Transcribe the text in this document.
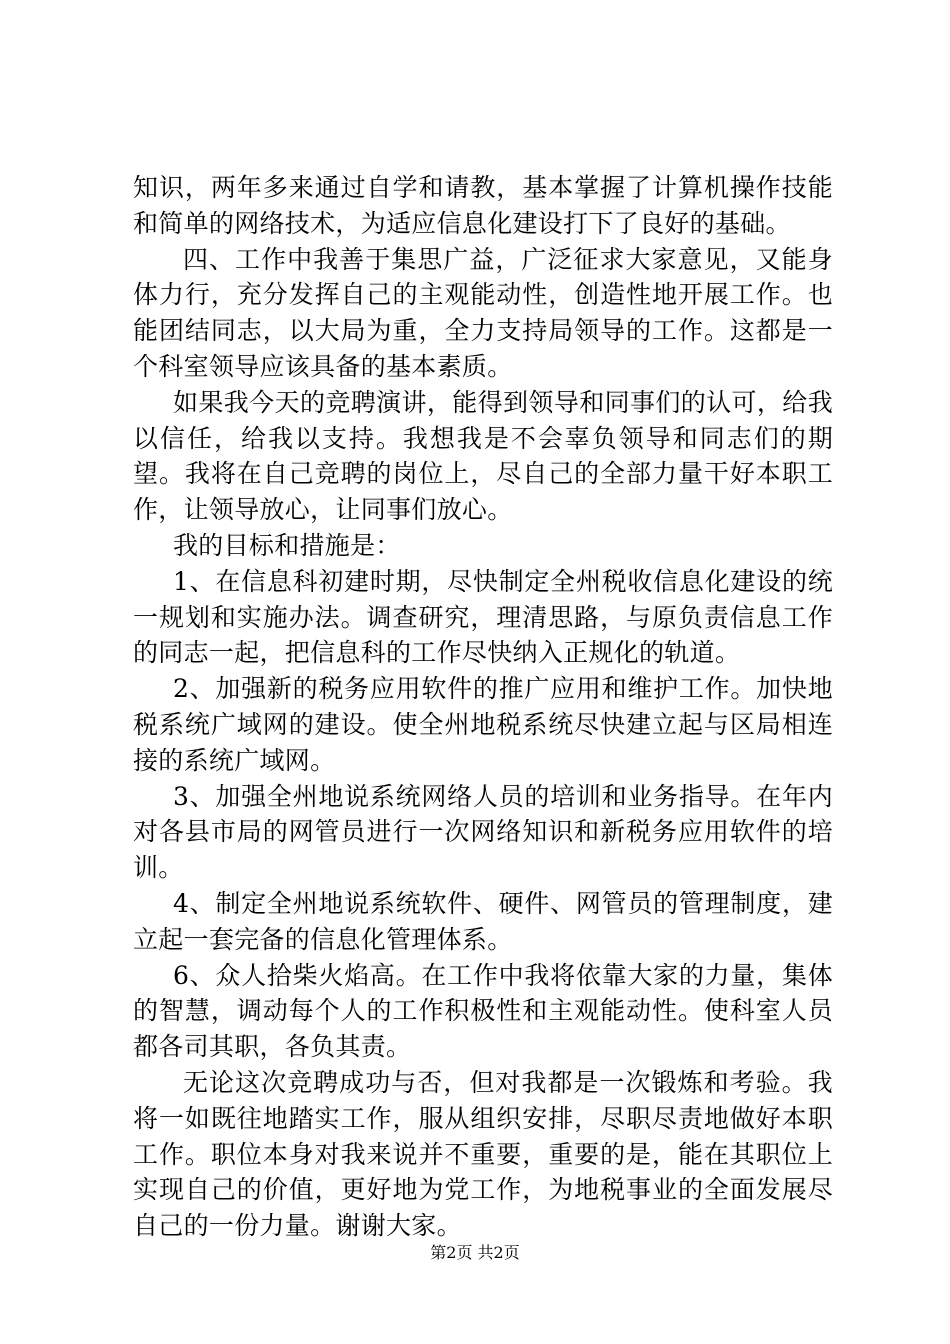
知识，两年多来通过自学和请教，基本掌握了计算机操作技能和简单的网络技术，为适应信息化建设打下了良好的基础。

四、工作中我善于集思广益，广泛征求大家意见，又能身体力行，充分发挥自己的主观能动性，创造性地开展工作。也能团结同志，以大局为重，全力支持局领导的工作。这都是一个科室领导应该具备的基本素质。

如果我今天的竞聘演讲，能得到领导和同事们的认可，给我以信任，给我以支持。我想我是不会辜负领导和同志们的期望。我将在自己竞聘的岗位上，尽自己的全部力量干好本职工作，让领导放心，让同事们放心。

我的目标和措施是：

1、在信息科初建时期，尽快制定全州税收信息化建设的统一规划和实施办法。调查研究，理清思路，与原负责信息工作的同志一起，把信息科的工作尽快纳入正规化的轨道。

2、加强新的税务应用软件的推广应用和维护工作。加快地税系统广域网的建设。使全州地税系统尽快建立起与区局相连接的系统广域网。

3、加强全州地说系统网络人员的培训和业务指导。在年内对各县市局的网管员进行一次网络知识和新税务应用软件的培训。

4、制定全州地说系统软件、硬件、网管员的管理制度，建立起一套完备的信息化管理体系。

6、众人拾柴火焰高。在工作中我将依靠大家的力量，集体的智慧，调动每个人的工作积极性和主观能动性。使科室人员都各司其职，各负其责。

无论这次竞聘成功与否，但对我都是一次锻炼和考验。我将一如既往地踏实工作，服从组织安排，尽职尽责地做好本职工作。职位本身对我来说并不重要，重要的是，能在其职位上实现自己的价值，更好地为党工作，为地税事业的全面发展尽自己的一份力量。谢谢大家。

第2页 共2页
